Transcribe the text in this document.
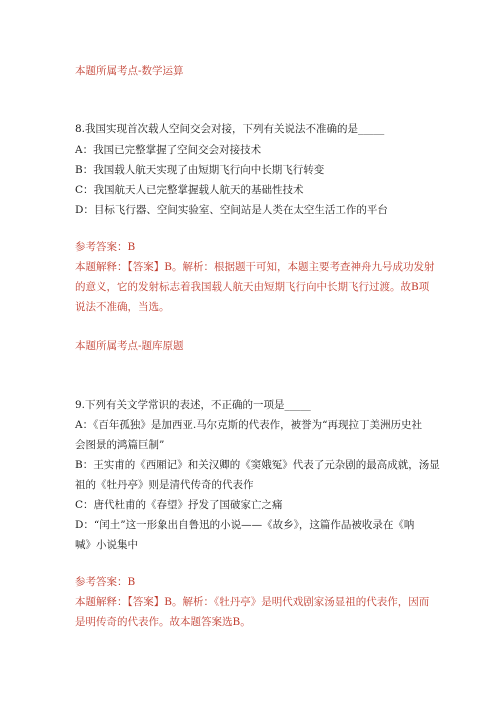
本题所属考点-数学运算
8.我国实现首次载人空间交会对接，下列有关说法不准确的是_____
A：我国已完整掌握了空间交会对接技术
B：我国载人航天实现了由短期飞行向中长期飞行转变
C：我国航天人已完整掌握载人航天的基础性技术
D：目标飞行器、空间实验室、空间站是人类在太空生活工作的平台
参考答案：B
本题解释：【答案】B。解析：根据题干可知，本题主要考查神舟九号成功发射
的意义，它的发射标志着我国载人航天由短期飞行向中长期飞行过渡。故B项
说法不准确，当选。
本题所属考点-题库原题
9.下列有关文学常识的表述，不正确的一项是_____
A：《百年孤独》是加西亚.马尔克斯的代表作，被誉为“再现拉丁美洲历史社
会图景的鸿篇巨制”
B：王实甫的《西厢记》和关汉卿的《窦娥冤》代表了元杂剧的最高成就，汤显
祖的《牡丹亭》则是清代传奇的代表作
C：唐代杜甫的《春望》抒发了国破家亡之痛
D：“闰土”这一形象出自鲁迅的小说——《故乡》，这篇作品被收录在《呐
喊》小说集中
参考答案：B
本题解释：【答案】B。解析：《牡丹亭》是明代戏剧家汤显祖的代表作，因而
是明传奇的代表作。故本题答案选B。
